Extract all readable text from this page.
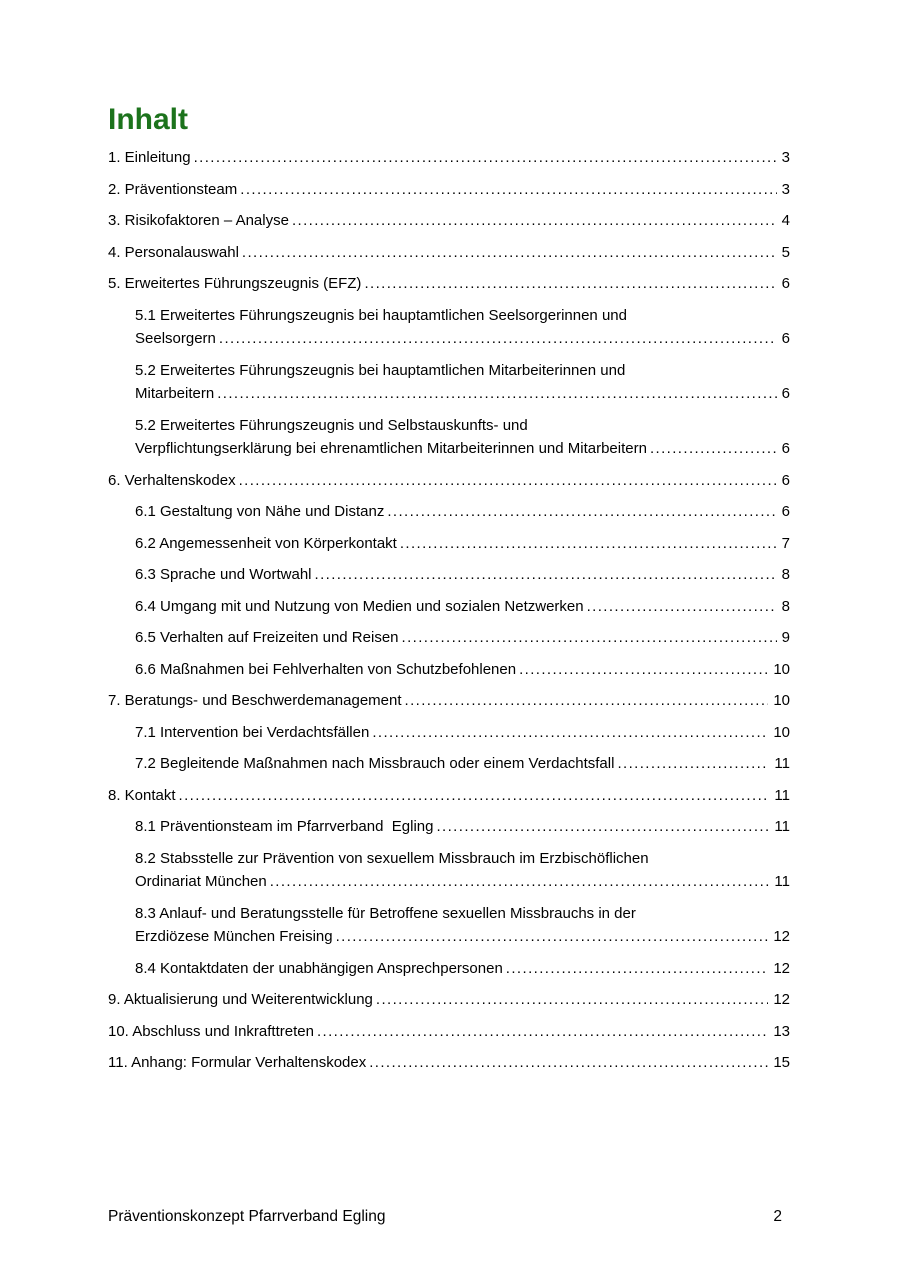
Inhalt
1. Einleitung .....	3
2. Präventionsteam .....	3
3. Risikofaktoren – Analyse .....	4
4. Personalauswahl .....	5
5. Erweitertes Führungszeugnis (EFZ) .....	6
5.1 Erweitertes Führungszeugnis bei hauptamtlichen Seelsorgerinnen und
Seelsorgern .....	6
5.2 Erweitertes Führungszeugnis bei hauptamtlichen Mitarbeiterinnen und
Mitarbeitern .....	6
5.2 Erweitertes Führungszeugnis und Selbstauskunfts- und
Verpflichtungserklärung bei ehrenamtlichen Mitarbeiterinnen und Mitarbeitern .....	6
6. Verhaltenskodex .....	6
6.1 Gestaltung von Nähe und Distanz .....	6
6.2 Angemessenheit von Körperkontakt .....	7
6.3 Sprache und Wortwahl .....	8
6.4 Umgang mit und Nutzung von Medien und sozialen Netzwerken .....	8
6.5 Verhalten auf Freizeiten und Reisen .....	9
6.6 Maßnahmen bei Fehlverhalten von Schutzbefohlenen .....	10
7. Beratungs- und Beschwerdemanagement .....	10
7.1 Intervention bei Verdachtsfällen .....	10
7.2 Begleitende Maßnahmen nach Missbrauch oder einem Verdachtsfall .....	11
8. Kontakt .....	11
8.1 Präventionsteam im Pfarrverband  Egling .....	11
8.2 Stabsstelle zur Prävention von sexuellem Missbrauch im Erzbischöflichen
Ordinariat München .....	11
8.3 Anlauf- und Beratungsstelle für Betroffene sexuellen Missbrauchs in der
Erzdiözese München Freising .....	12
8.4 Kontaktdaten der unabhängigen Ansprechpersonen .....	12
9. Aktualisierung und Weiterentwicklung .....	12
10. Abschluss und Inkrafttreten .....	13
11. Anhang: Formular Verhaltenskodex .....	15
Präventionskonzept Pfarrverband Egling	2
